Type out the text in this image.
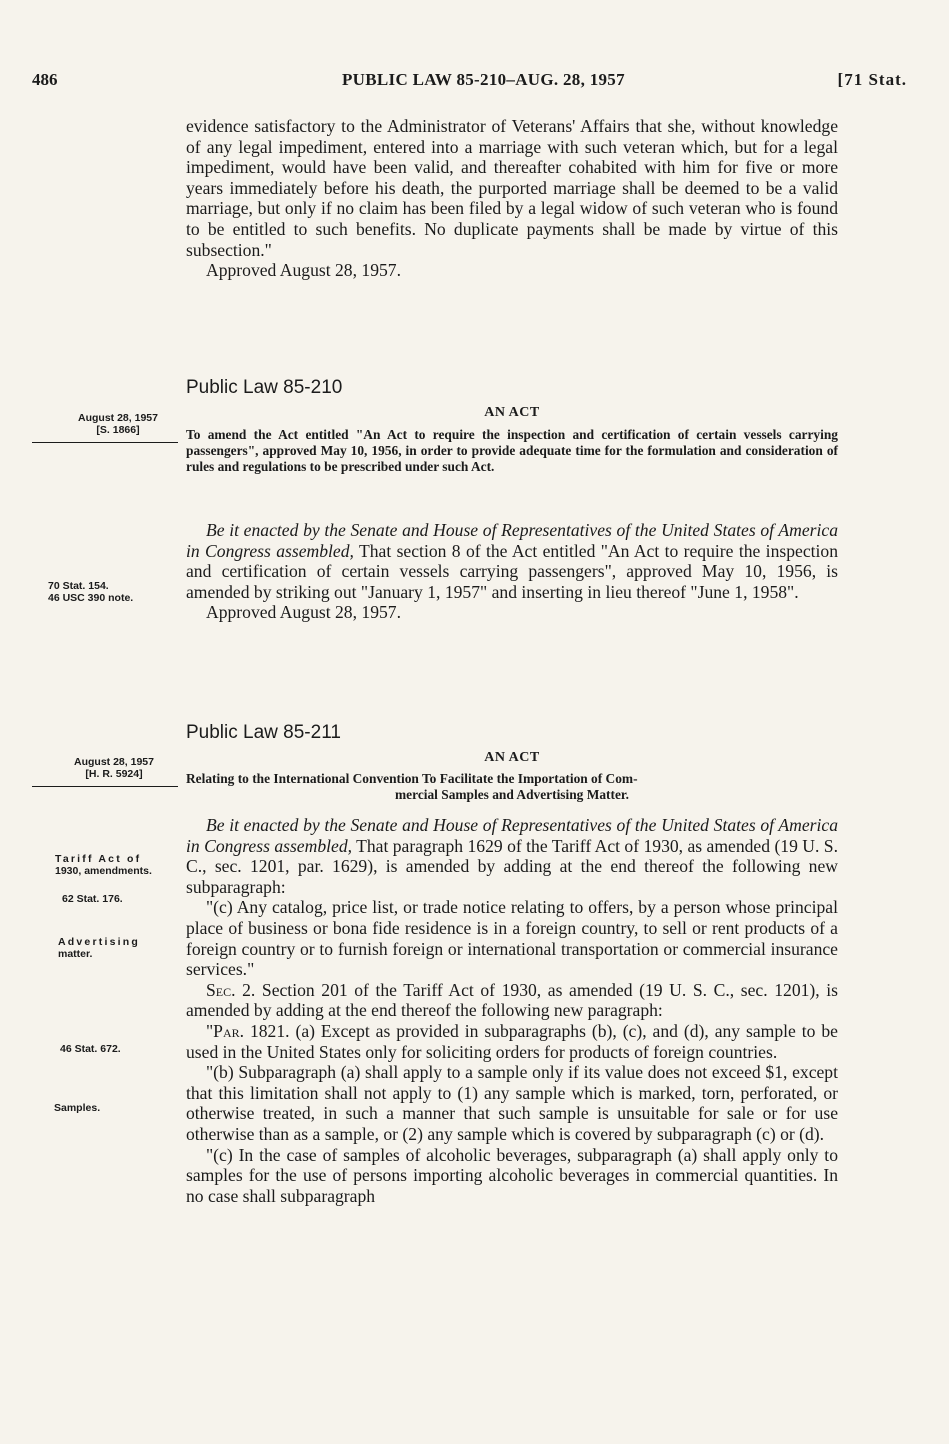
486	PUBLIC LAW 85-210–AUG. 28, 1957	[71 Stat.

evidence satisfactory to the Administrator of Veterans' Affairs that she, without knowledge of any legal impediment, entered into a marriage with such veteran which, but for a legal impediment, would have been valid, and thereafter cohabited with him for five or more years immediately before his death, the purported marriage shall be deemed to be a valid marriage, but only if no claim has been filed by a legal widow of such veteran who is found to be entitled to such benefits. No duplicate payments shall be made by virtue of this subsection."

Approved August 28, 1957.

Public Law 85-210
AN ACT
August 28, 1957
[S. 1866]	To amend the Act entitled "An Act to require the inspection and certification of certain vessels carrying passengers", approved May 10, 1956, in order to provide adequate time for the formulation and consideration of rules and regulations to be prescribed under such Act.

Be it enacted by the Senate and House of Representatives of the United States of America in Congress assembled, That section 8 of the Act entitled "An Act to require the inspection and certification of certain vessels carrying passengers", approved May 10, 1956, is amended by striking out "January 1, 1957" and inserting in lieu thereof "June 1, 1958".

Approved August 28, 1957.

70 Stat. 154.
46 USC 390 note.
Public Law 85-211
AN ACT
August 28, 1957
[H. R. 5924]	Relating to the International Convention To Facilitate the Importation of Com-

mercial Samples and Advertising Matter.

Be it enacted by the Senate and House of Representatives of the United States of America in Congress assembled, That paragraph 1629 of the Tariff Act of 1930, as amended (19 U. S. C., sec. 1201, par. 1629), is amended by adding at the end thereof the following new subparagraph:

"(c) Any catalog, price list, or trade notice relating to offers, by a person whose principal place of business or bona fide residence is in a foreign country, to sell or rent products of a foreign country or to furnish foreign or international transportation or commercial insurance services."

Sec. 2. Section 201 of the Tariff Act of 1930, as amended (19 U. S. C., sec. 1201), is amended by adding at the end thereof the following new paragraph:

"Par. 1821. (a) Except as provided in subparagraphs (b), (c), and (d), any sample to be used in the United States only for soliciting orders for products of foreign countries.

"(b) Subparagraph (a) shall apply to a sample only if its value does not exceed $1, except that this limitation shall not apply to (1) any sample which is marked, torn, perforated, or otherwise treated, in such a manner that such sample is unsuitable for sale or for use otherwise than as a sample, or (2) any sample which is covered by subparagraph (c) or (d).

"(c) In the case of samples of alcoholic beverages, subparagraph (a) shall apply only to samples for the use of persons importing alcoholic beverages in commercial quantities. In no case shall subparagraph

Tariff Act of
1930, amendments.
62 Stat. 176.
Advertising
matter.
46 Stat. 672.
Samples.
